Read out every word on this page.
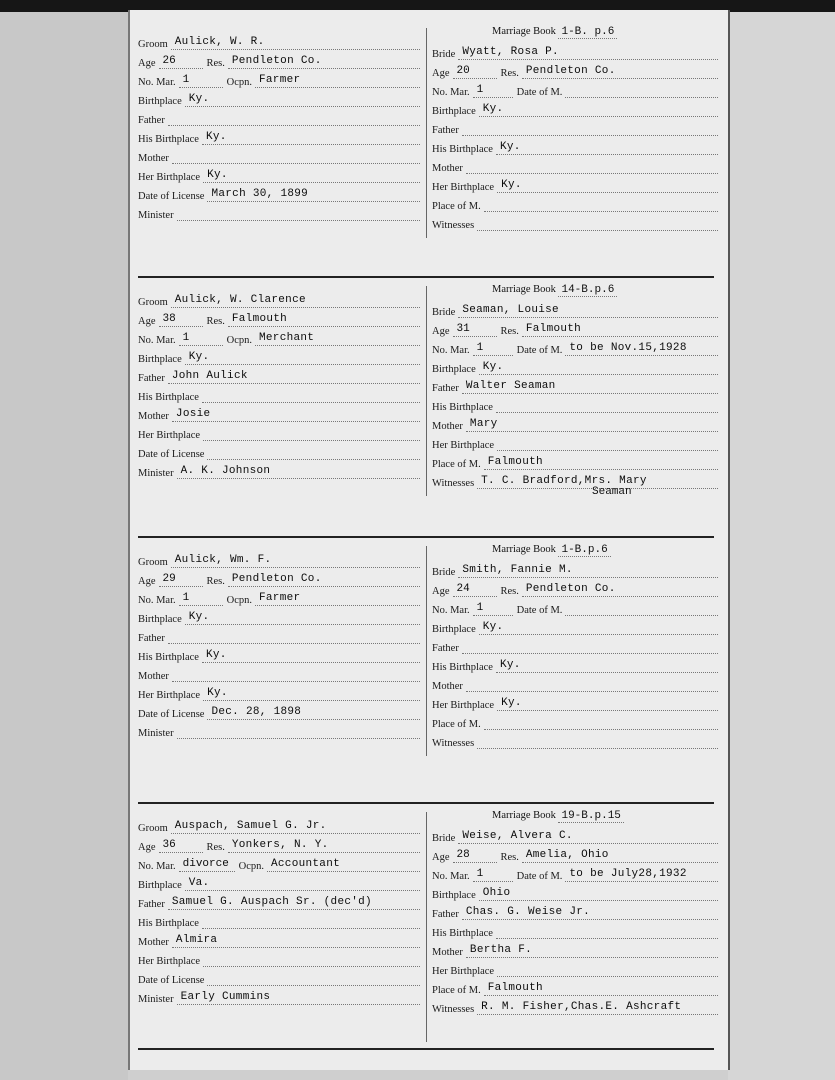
Marriage Book 1-B. p.6
Groom Aulick, W. R.
Age 26	Res. Pendleton Co.
No. Mar. 1	Ocpn. Farmer
Birthplace Ky.
Father
His Birthplace Ky.
Mother
Her Birthplace Ky.
Date of License March 30, 1899
Minister
Bride Wyatt, Rosa P.
Age 20	Res. Pendleton Co.
No. Mar. 1	Date of M.
Birthplace Ky.
Father
His Birthplace Ky.
Mother
Her Birthplace Ky.
Place of M.
Witnesses
Marriage Book 14-B.p.6
Groom Aulick, W. Clarence
Age 38	Res. Falmouth
No. Mar. 1	Ocpn. Merchant
Birthplace Ky.
Father John Aulick
His Birthplace
Mother Josie
Her Birthplace
Date of License
Minister A. K. Johnson
Bride Seaman, Louise
Age 31	Res. Falmouth
No. Mar. 1	Date of M. to be Nov.15,1928
Birthplace Ky.
Father Walter Seaman
His Birthplace
Mother Mary
Her Birthplace
Place of M. Falmouth
Witnesses T. C. Bradford,Mrs. Mary
Seaman
Marriage Book 1-B.p.6
Groom Aulick, Wm. F.
Age 29	Res. Pendleton Co.
No. Mar. 1	Ocpn. Farmer
Birthplace Ky.
Father
His Birthplace Ky.
Mother
Her Birthplace Ky.
Date of License Dec. 28, 1898
Minister
Bride Smith, Fannie M.
Age 24	Res. Pendleton Co.
No. Mar. 1	Date of M.
Birthplace Ky.
Father
His Birthplace Ky.
Mother
Her Birthplace Ky.
Place of M.
Witnesses
Marriage Book 19-B.p.15
Groom Auspach, Samuel G. Jr.
Age 36	Res. Yonkers, N. Y.
No. Mar. divorce Ocpn. Accountant
Birthplace Va.
Father Samuel G. Auspach Sr. (dec'd)
His Birthplace
Mother Almira
Her Birthplace
Date of License
Minister Early Cummins
Bride Weise, Alvera C.
Age 28	Res. Amelia, Ohio
No. Mar. 1	Date of M. to be July28,1932
Birthplace Ohio
Father Chas. G. Weise Jr.
His Birthplace
Mother Bertha F.
Her Birthplace
Place of M. Falmouth
Witnesses R. M. Fisher,Chas.E. Ashcraft
